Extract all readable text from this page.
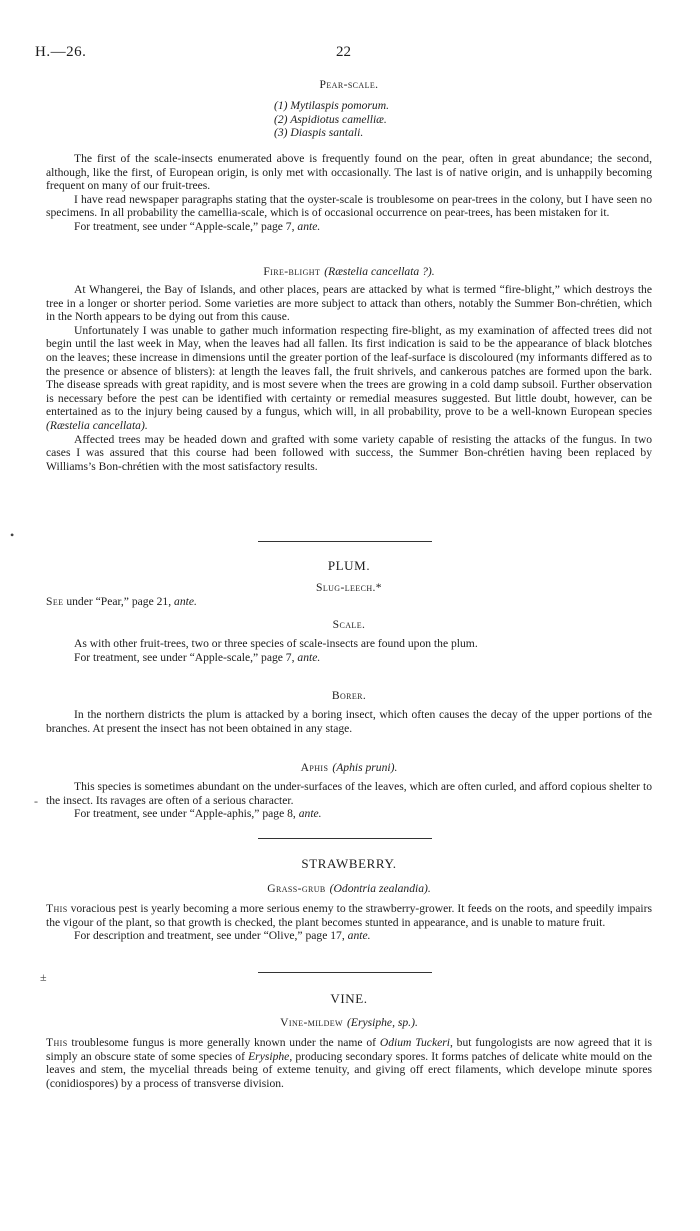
H.—26.	22
Pear-scale.

(1) Mytilaspis pomorum.

(2) Aspidiotus camelliæ.

(3) Diaspis santali.

The first of the scale-insects enumerated above is frequently found on the pear, often in great abundance; the second, although, like the first, of European origin, is only met with occasionally. The last is of native origin, and is unhappily becoming frequent on many of our fruit-trees.

I have read newspaper paragraphs stating that the oyster-scale is troublesome on pear-trees in the colony, but I have seen no specimens. In all probability the camellia-scale, which is of occasional occurrence on pear-trees, has been mistaken for it.

For treatment, see under “Apple-scale,” page 7, ante.

Fire-blight (Ræstelia cancellata ?).

At Whangerei, the Bay of Islands, and other places, pears are attacked by what is termed “fire-blight,” which destroys the tree in a longer or shorter period. Some varieties are more subject to attack than others, notably the Summer Bon-chrétien, which in the North appears to be dying out from this cause.

Unfortunately I was unable to gather much information respecting fire-blight, as my examination of affected trees did not begin until the last week in May, when the leaves had all fallen. Its first indication is said to be the appearance of black blotches on the leaves; these increase in dimensions until the greater portion of the leaf-surface is discoloured (my informants differed as to the presence or absence of blisters): at length the leaves fall, the fruit shrivels, and cankerous patches are formed upon the bark. The disease spreads with great rapidity, and is most severe when the trees are growing in a cold damp subsoil. Further observation is necessary before the pest can be identified with certainty or remedial measures suggested. But little doubt, however, can be entertained as to the injury being caused by a fungus, which will, in all probability, prove to be a well-known European species (Ræstelia cancellata).

Affected trees may be headed down and grafted with some variety capable of resisting the attacks of the fungus. In two cases I was assured that this course had been followed with success, the Summer Bon-chrétien having been replaced by Williams’s Bon-chrétien with the most satisfactory results.

•
PLUM.
Slug-leech.*

See under “Pear,” page 21, ante.

Scale.

As with other fruit-trees, two or three species of scale-insects are found upon the plum.

For treatment, see under “Apple-scale,” page 7, ante.

Borer.

In the northern districts the plum is attacked by a boring insect, which often causes the decay of the upper portions of the branches. At present the insect has not been obtained in any stage.

Aphis (Aphis pruni).

This species is sometimes abundant on the under-surfaces of the leaves, which are often curled, and afford copious shelter to the insect. Its ravages are often of a serious character.

For treatment, see under “Apple-aphis,” page 8, ante.

-
STRAWBERRY.
Grass-grub (Odontria zealandia).

This voracious pest is yearly becoming a more serious enemy to the strawberry-grower. It feeds on the roots, and speedily impairs the vigour of the plant, so that growth is checked, the plant becomes stunted in appearance, and is unable to mature fruit.

For description and treatment, see under “Olive,” page 17, ante.

±
VINE.
Vine-mildew (Erysiphe, sp.).

This troublesome fungus is more generally known under the name of Odium Tuckeri, but fungologists are now agreed that it is simply an obscure state of some species of Erysiphe, producing secondary spores. It forms patches of delicate white mould on the leaves and stem, the mycelial threads being of exteme tenuity, and giving off erect filaments, which develope minute spores (conidiospores) by a process of transverse division.
